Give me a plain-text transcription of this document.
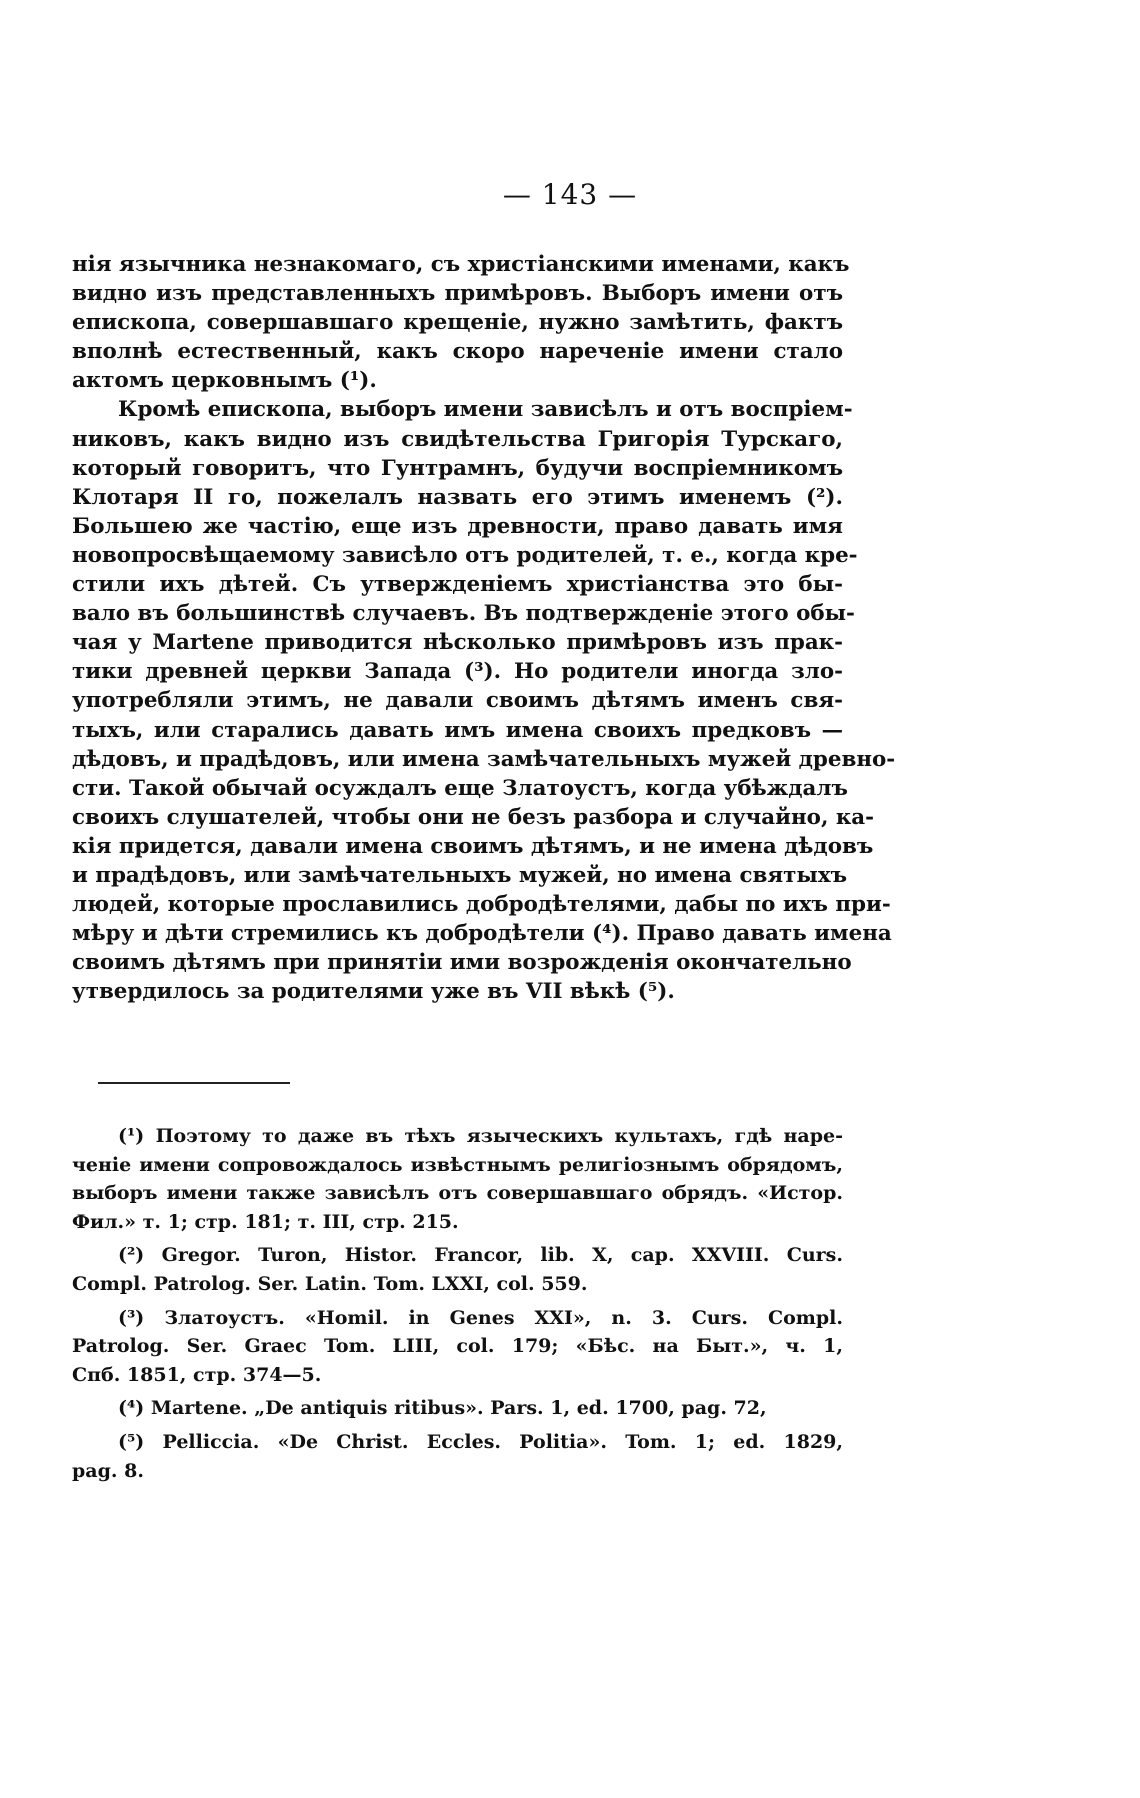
— 143 —
нія язычника незнакомаго, съ христіанскими именами, какъ
видно изъ представленныхъ примѣровъ. Выборъ имени отъ
епископа, совершавшаго крещеніе, нужно замѣтить, фактъ
вполнѣ естественный, какъ скоро нареченіе имени стало
актомъ церковнымъ (¹).
Кромѣ епископа, выборъ имени зависѣлъ и отъ воспріем-
никовъ, какъ видно изъ свидѣтельства Григорія Турскаго,
который говоритъ, что Гунтрамнъ, будучи воспріемникомъ
Клотаря II го, пожелалъ назвать его этимъ именемъ (²).
Большею же частію, еще изъ древности, право давать имя
новопросвѣщаемому зависѣло отъ родителей, т. е., когда кре-
стили ихъ дѣтей. Съ утвержденіемъ христіанства это бы-
вало въ большинствѣ случаевъ. Въ подтвержденіе этого обы-
чая у Martene приводится нѣсколько примѣровъ изъ прак-
тики древней церкви Запада (³). Но родители иногда зло-
употребляли этимъ, не давали своимъ дѣтямъ именъ свя-
тыхъ, или старались давать имъ имена своихъ предковъ —
дѣдовъ, и прадѣдовъ, или имена замѣчательныхъ мужей древно-
сти. Такой обычай осуждалъ еще Златоустъ, когда убѣждалъ
своихъ слушателей, чтобы они не безъ разбора и случайно, ка-
кія придется, давали имена своимъ дѣтямъ, и не имена дѣдовъ
и прадѣдовъ, или замѣчательныхъ мужей, но имена святыхъ
людей, которые прославились добродѣтелями, дабы по ихъ при-
мѣру и дѣти стремились къ добродѣтели (⁴). Право давать имена
своимъ дѣтямъ при принятіи ими возрожденія окончательно
утвердилось за родителями уже въ VII вѣкѣ (⁵).
(¹) Поэтому то даже въ тѣхъ языческихъ культахъ, гдѣ наре-
ченіе имени сопровождалось извѣстнымъ религіознымъ обрядомъ,
выборъ имени также зависѣлъ отъ совершавшаго обрядъ. «Истор.
Фил.» т. 1; стр. 181; т. III, стр. 215.
(²) Gregor. Turon, Histor. Francor, lib. X, cap. XXVIII. Curs.
Compl. Patrolog. Ser. Latin. Tom. LXXI, col. 559.
(³) Златоустъ. «Homil. in Genes XXI», n. 3. Curs. Compl.
Patrolog. Ser. Graec Tom. LIII, col. 179; «Бѣс. на Быт.», ч. 1,
Спб. 1851, стр. 374—5.
(⁴) Martene. „De antiquis ritibus». Pars. 1, ed. 1700, pag. 72,
(⁵) Pelliccia. «De Christ. Eccles. Politia». Tom. 1; ed. 1829,
pag. 8.
